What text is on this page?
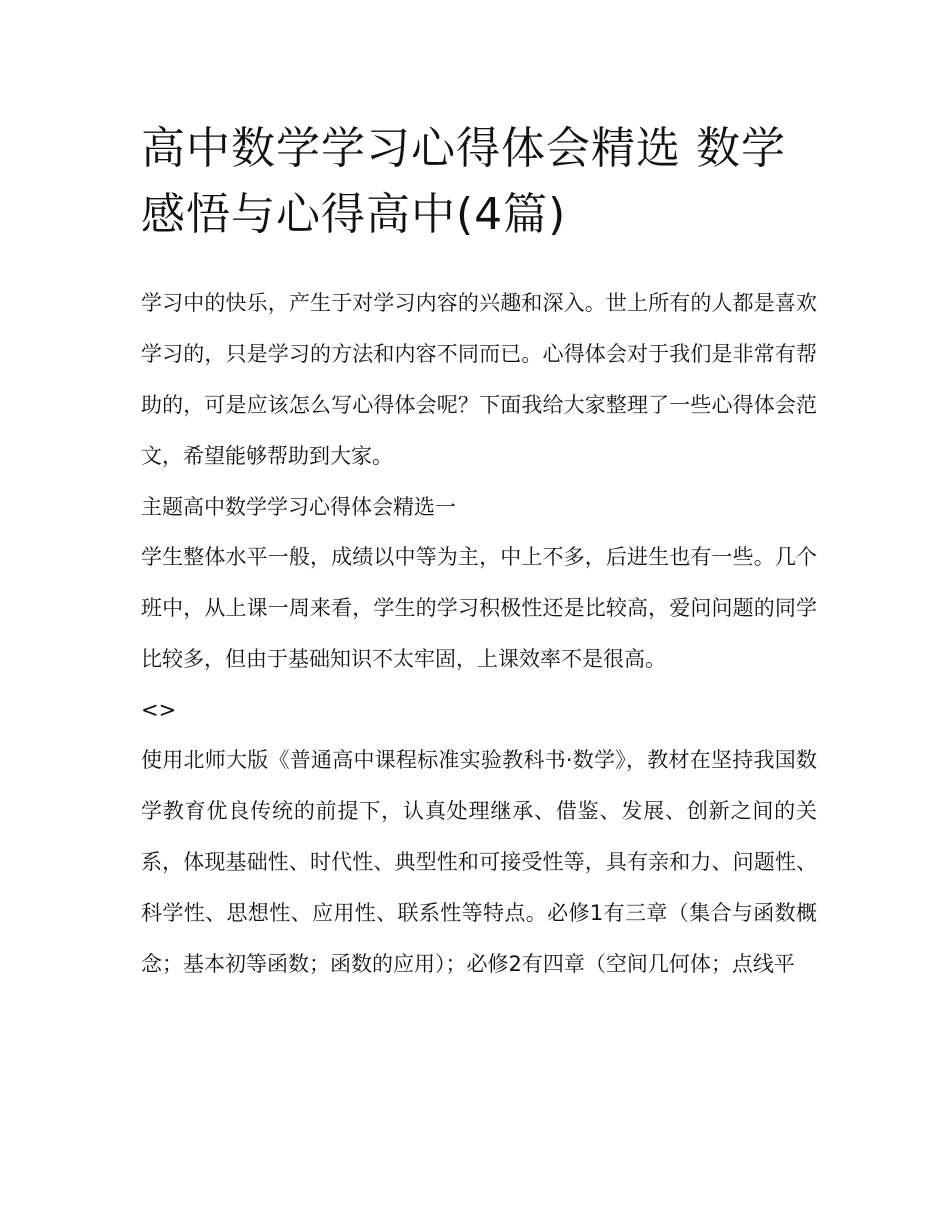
高中数学学习心得体会精选 数学感悟与心得高中(4篇)

学习中的快乐，产生于对学习内容的兴趣和深入。世上所有的人都是喜欢学习的，只是学习的方法和内容不同而已。心得体会对于我们是非常有帮助的，可是应该怎么写心得体会呢？下面我给大家整理了一些心得体会范文，希望能够帮助到大家。

主题高中数学学习心得体会精选一

学生整体水平一般，成绩以中等为主，中上不多，后进生也有一些。几个班中，从上课一周来看，学生的学习积极性还是比较高，爱问问题的同学比较多，但由于基础知识不太牢固，上课效率不是很高。

<>

使用北师大版《普通高中课程标准实验教科书·数学》，教材在坚持我国数学教育优良传统的前提下，认真处理继承、借鉴、发展、创新之间的关系，体现基础性、时代性、典型性和可接受性等，具有亲和力、问题性、科学性、思想性、应用性、联系性等特点。必修1有三章（集合与函数概念；基本初等函数；函数的应用）；必修2有四章（空间几何体；点线平
